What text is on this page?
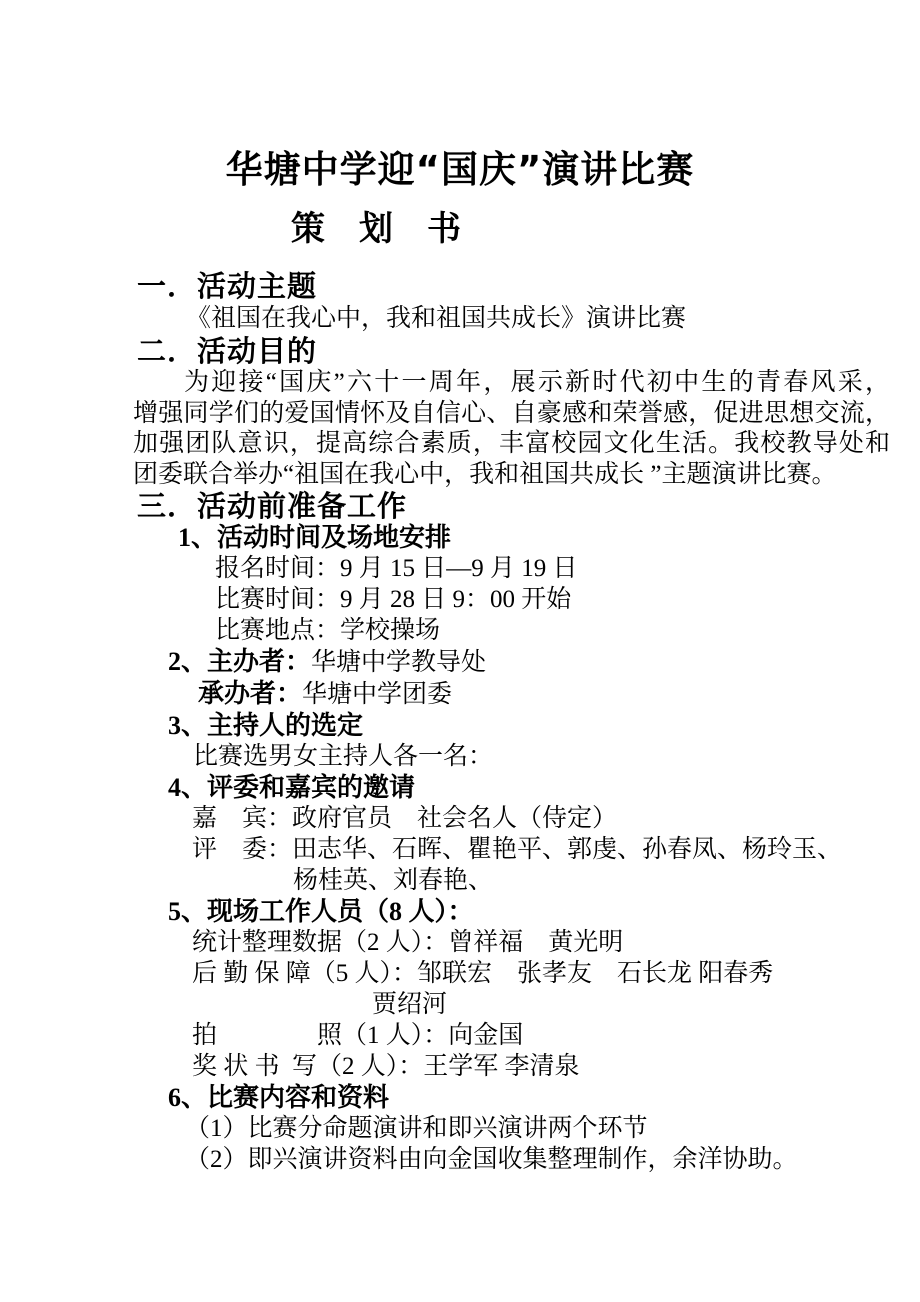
华塘中学迎“国庆”演讲比赛
策　划　书
一．活动主题
《祖国在我心中，我和祖国共成长》演讲比赛
二．活动目的
为迎接“国庆”六十一周年，展示新时代初中生的青春风采，
增强同学们的爱国情怀及自信心、自豪感和荣誉感，促进思想交流，
加强团队意识，提高综合素质，丰富校园文化生活。我校教导处和
团委联合举办“祖国在我心中，我和祖国共成长 ”主题演讲比赛。
三．活动前准备工作
1、活动时间及场地安排
报名时间：9 月 15 日—9 月 19 日
比赛时间：9 月 28 日 9：00 开始
比赛地点：学校操场
2、主办者：华塘中学教导处
承办者：华塘中学团委
3、主持人的选定
比赛选男女主持人各一名：
4、评委和嘉宾的邀请
嘉　宾：政府官员　社会名人（侍定）
评　委：田志华、石晖、瞿艳平、郭虔、孙春凤、杨玲玉、
杨桂英、刘春艳、
5、现场工作人员（8 人）：
统计整理数据（2 人）：曾祥福　黄光明
后 勤 保 障（5 人）：邹联宏　张孝友　石长龙 阳春秀
贾绍河
拍　　　　照（1 人）：向金国
奖 状 书  写（2 人）：王学军 李清泉
6、比赛内容和资料
（1）比赛分命题演讲和即兴演讲两个环节
（2）即兴演讲资料由向金国收集整理制作，余洋协助。
